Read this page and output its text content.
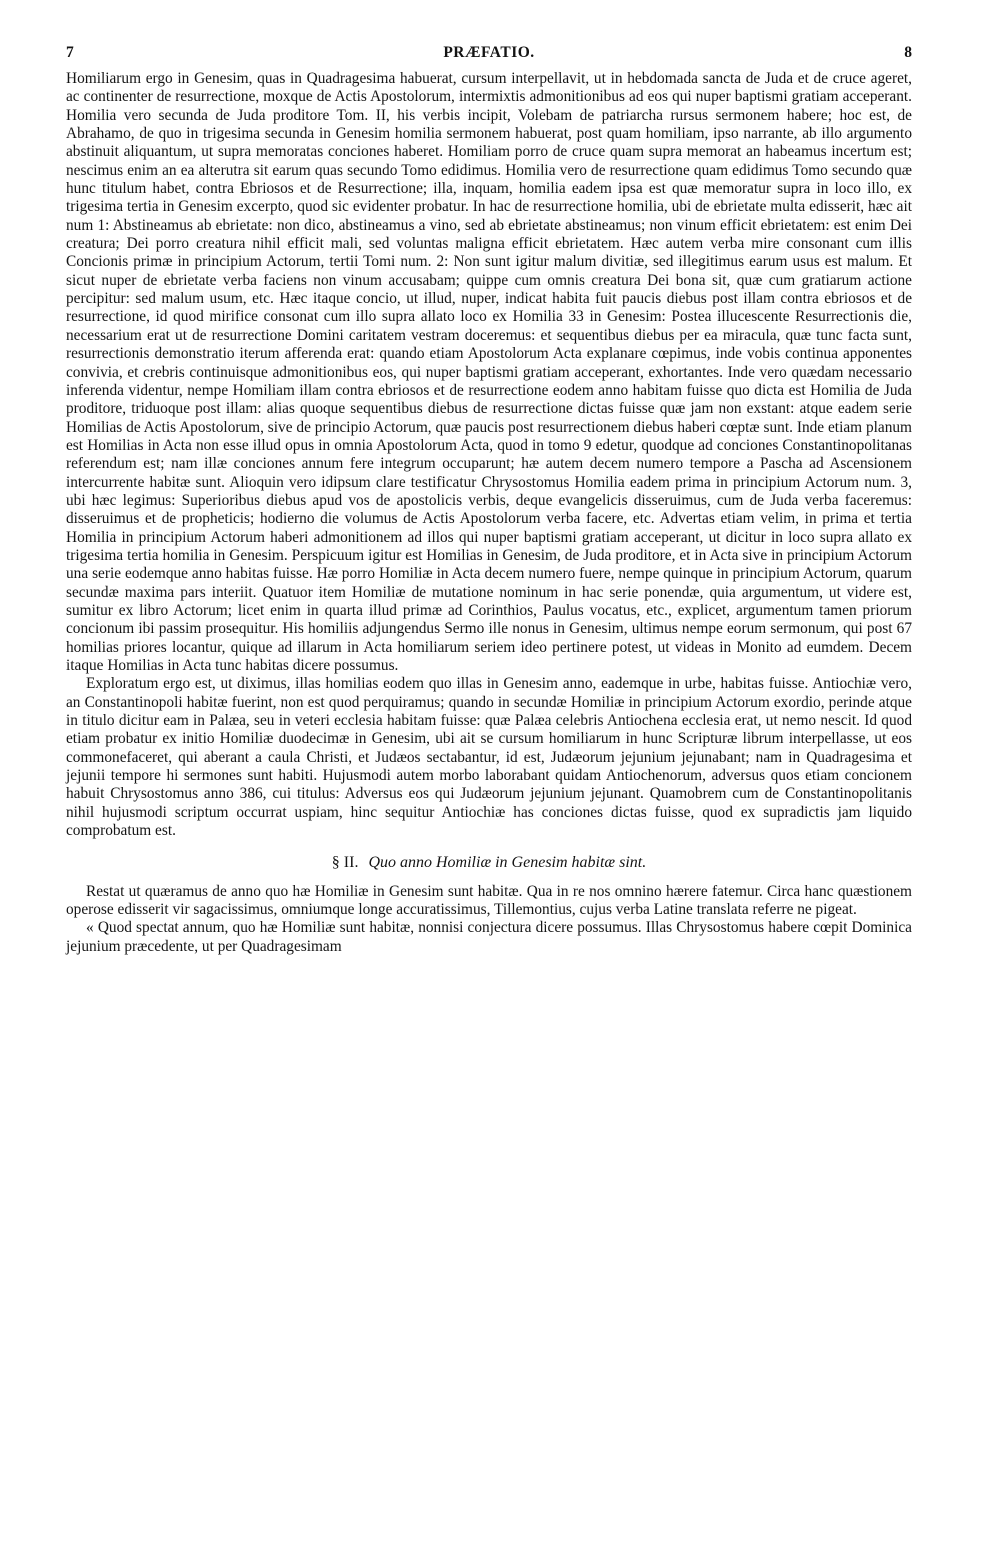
7	PRÆFATIO.	8

Homiliarum ergo in Genesim, quas in Quadragesima habuerat, cursum interpellavit, ut in hebdomada sancta de Juda et de cruce ageret, ac continenter de resurrectione, moxque de Actis Apostolorum, intermixtis admonitionibus ad eos qui nuper baptismi gratiam acceperant. Homilia vero secunda de Juda proditore Tom. II, his verbis incipit, Volebam de patriarcha rursus sermonem habere; hoc est, de Abrahamo, de quo in trigesima secunda in Genesim homilia sermonem habuerat, post quam homiliam, ipso narrante, ab illo argumento abstinuit aliquantum, ut supra memoratas conciones haberet. Homiliam porro de cruce quam supra memorat an habeamus incertum est; nescimus enim an ea alterutra sit earum quas secundo Tomo edidimus. Homilia vero de resurrectione quam edidimus Tomo secundo quæ hunc titulum habet, contra Ebriosos et de Resurrectione; illa, inquam, homilia eadem ipsa est quæ memoratur supra in loco illo, ex trigesima tertia in Genesim excerpto, quod sic evidenter probatur. In hac de resurrectione homilia, ubi de ebrietate multa edisserit, hæc ait num 1: Abstineamus ab ebrietate: non dico, abstineamus a vino, sed ab ebrietate abstineamus; non vinum efficit ebrietatem: est enim Dei creatura; Dei porro creatura nihil efficit mali, sed voluntas maligna efficit ebrietatem. Hæc autem verba mire consonant cum illis Concionis primæ in principium Actorum, tertii Tomi num. 2: Non sunt igitur malum divitiæ, sed illegitimus earum usus est malum. Et sicut nuper de ebrietate verba faciens non vinum accusabam; quippe cum omnis creatura Dei bona sit, quæ cum gratiarum actione percipitur: sed malum usum, etc. Hæc itaque concio, ut illud, nuper, indicat habita fuit paucis diebus post illam contra ebriosos et de resurrectione, id quod mirifice consonat cum illo supra allato loco ex Homilia 33 in Genesim: Postea illucescente Resurrectionis die, necessarium erat ut de resurrectione Domini caritatem vestram doceremus: et sequentibus diebus per ea miracula, quæ tunc facta sunt, resurrectionis demonstratio iterum afferenda erat: quando etiam Apostolorum Acta explanare cœpimus, inde vobis continua apponentes convivia, et crebris continuisque admonitionibus eos, qui nuper baptismi gratiam acceperant, exhortantes. Inde vero quædam necessario inferenda videntur, nempe Homiliam illam contra ebriosos et de resurrectione eodem anno habitam fuisse quo dicta est Homilia de Juda proditore, triduoque post illam: alias quoque sequentibus diebus de resurrectione dictas fuisse quæ jam non exstant: atque eadem serie Homilias de Actis Apostolorum, sive de principio Actorum, quæ paucis post resurrectionem diebus haberi cœptæ sunt. Inde etiam planum est Homilias in Acta non esse illud opus in omnia Apostolorum Acta, quod in tomo 9 edetur, quodque ad conciones Constantinopolitanas referendum est; nam illæ conciones annum fere integrum occuparunt; hæ autem decem numero tempore a Pascha ad Ascensionem intercurrente habitæ sunt. Alioquin vero idipsum clare testificatur Chrysostomus Homilia eadem prima in principium Actorum num. 3, ubi hæc legimus: Superioribus diebus apud vos de apostolicis verbis, deque evangelicis disseruimus, cum de Juda verba faceremus: disseruimus et de propheticis; hodierno die volumus de Actis Apostolorum verba facere, etc. Advertas etiam velim, in prima et tertia Homilia in principium Actorum haberi admonitionem ad illos qui nuper baptismi gratiam acceperant, ut dicitur in loco supra allato ex trigesima tertia homilia in Genesim. Perspicuum igitur est Homilias in Genesim, de Juda proditore, et in Acta sive in principium Actorum una serie eodemque anno habitas fuisse. Hæ porro Homiliæ in Acta decem numero fuere, nempe quinque in principium Actorum, quarum secundæ maxima pars interiit. Quatuor item Homiliæ de mutatione nominum in hac serie ponendæ, quia argumentum, ut videre est, sumitur ex libro Actorum; licet enim in quarta illud primæ ad Corinthios, Paulus vocatus, etc., explicet, argumentum tamen priorum concionum ibi passim prosequitur. His homiliis adjungendus Sermo ille nonus in Genesim, ultimus nempe eorum sermonum, qui post 67 homilias priores locantur, quique ad illarum in Acta homiliarum seriem ideo pertinere potest, ut videas in Monito ad eumdem. Decem itaque Homilias in Acta tunc habitas dicere possumus.

Exploratum ergo est, ut diximus, illas homilias eodem quo illas in Genesim anno, eademque in urbe, habitas fuisse. Antiochiæ vero, an Constantinopoli habitæ fuerint, non est quod perquiramus; quando in secundæ Homiliæ in principium Actorum exordio, perinde atque in titulo dicitur eam in Palæa, seu in veteri ecclesia habitam fuisse: quæ Palæa celebris Antiochena ecclesia erat, ut nemo nescit. Id quod etiam probatur ex initio Homiliæ duodecimæ in Genesim, ubi ait se cursum homiliarum in hunc Scripturæ librum interpellasse, ut eos commonefaceret, qui aberant a caula Christi, et Judæos sectabantur, id est, Judæorum jejunium jejunabant; nam in Quadragesima et jejunii tempore hi sermones sunt habiti. Hujusmodi autem morbo laborabant quidam Antiochenorum, adversus quos etiam concionem habuit Chrysostomus anno 386, cui titulus: Adversus eos qui Judæorum jejunium jejunant. Quamobrem cum de Constantinopolitanis nihil hujusmodi scriptum occurrat uspiam, hinc sequitur Antiochiæ has conciones dictas fuisse, quod ex supradictis jam liquido comprobatum est.

§ II. Quo anno Homiliæ in Genesim habitæ sint.

Restat ut quæramus de anno quo hæ Homiliæ in Genesim sunt habitæ. Qua in re nos omnino hærere fatemur. Circa hanc quæstionem operose edisserit vir sagacissimus, omniumque longe accuratissimus, Tillemontius, cujus verba Latine translata referre ne pigeat.

« Quod spectat annum, quo hæ Homiliæ sunt habitæ, nonnisi conjectura dicere possumus. Illas Chrysostomus habere cœpit Dominica jejunium præcedente, ut per Quadragesimam
